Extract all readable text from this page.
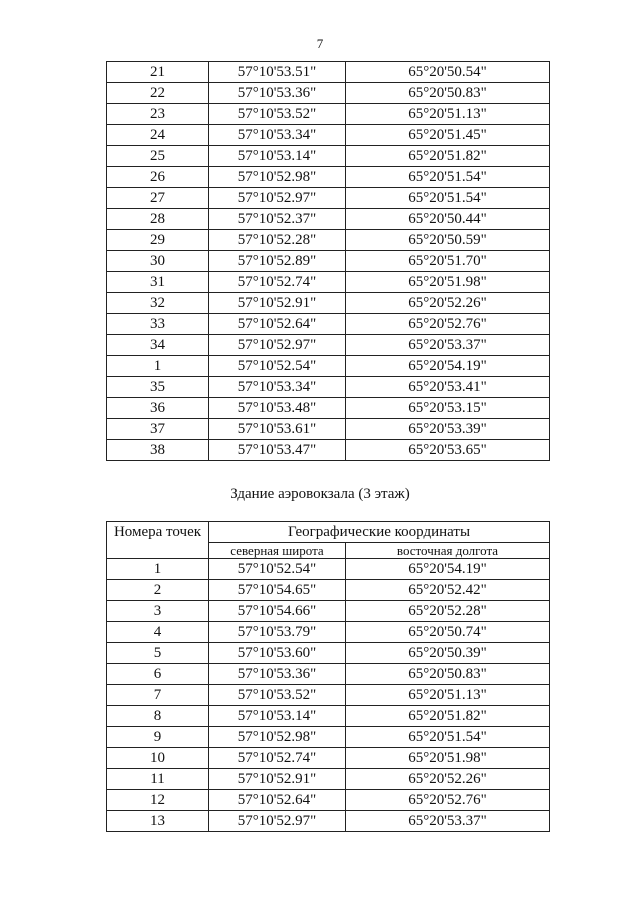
7
21	57°10'53.51"	65°20'50.54"
22	57°10'53.36"	65°20'50.83"
23	57°10'53.52"	65°20'51.13"
24	57°10'53.34"	65°20'51.45"
25	57°10'53.14"	65°20'51.82"
26	57°10'52.98"	65°20'51.54"
27	57°10'52.97"	65°20'51.54"
28	57°10'52.37"	65°20'50.44"
29	57°10'52.28"	65°20'50.59"
30	57°10'52.89"	65°20'51.70"
31	57°10'52.74"	65°20'51.98"
32	57°10'52.91"	65°20'52.26"
33	57°10'52.64"	65°20'52.76"
34	57°10'52.97"	65°20'53.37"
1	57°10'52.54"	65°20'54.19"
35	57°10'53.34"	65°20'53.41"
36	57°10'53.48"	65°20'53.15"
37	57°10'53.61"	65°20'53.39"
38	57°10'53.47"	65°20'53.65"
Здание аэровокзала (3 этаж)
Номера точек	Географические координаты	
	северная широта	восточная долгота
1	57°10'52.54"	65°20'54.19"
2	57°10'54.65"	65°20'52.42"
3	57°10'54.66"	65°20'52.28"
4	57°10'53.79"	65°20'50.74"
5	57°10'53.60"	65°20'50.39"
6	57°10'53.36"	65°20'50.83"
7	57°10'53.52"	65°20'51.13"
8	57°10'53.14"	65°20'51.82"
9	57°10'52.98"	65°20'51.54"
10	57°10'52.74"	65°20'51.98"
11	57°10'52.91"	65°20'52.26"
12	57°10'52.64"	65°20'52.76"
13	57°10'52.97"	65°20'53.37"
